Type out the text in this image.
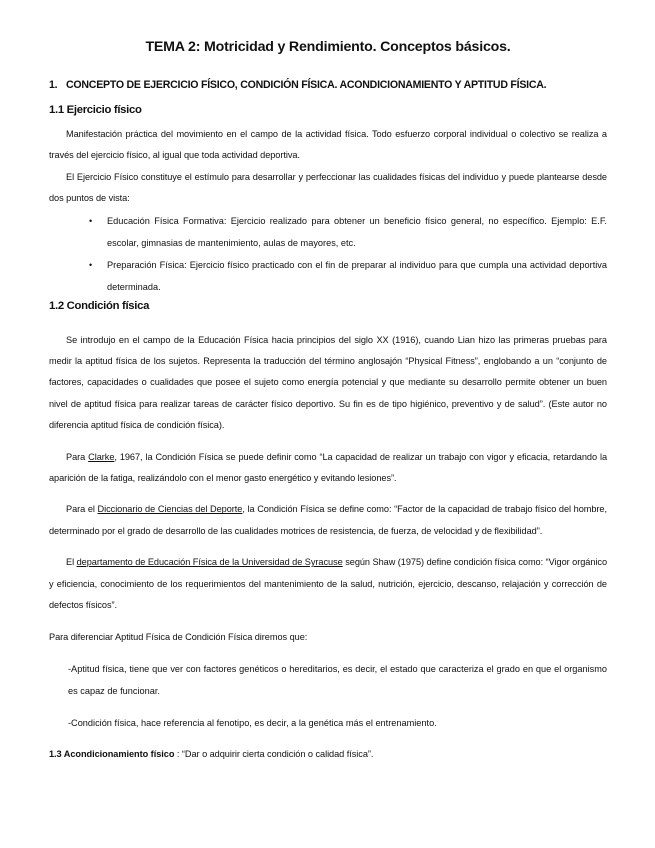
TEMA 2: Motricidad y Rendimiento. Conceptos básicos.
1. CONCEPTO DE EJERCICIO FÍSICO, CONDICIÓN FÍSICA. ACONDICIONAMIENTO Y APTITUD FÍSICA.
1.1 Ejercicio físico

Manifestación práctica del movimiento en el campo de la actividad física. Todo esfuerzo corporal individual o colectivo se realiza a través del ejercicio físico, al igual que toda actividad deportiva.

El Ejercicio Físico constituye el estímulo para desarrollar y perfeccionar las cualidades físicas del individuo y puede plantearse desde dos puntos de vista:

• Educación Física Formativa: Ejercicio realizado para obtener un beneficio físico general, no específico. Ejemplo: E.F. escolar, gimnasias de mantenimiento, aulas de mayores, etc.
• Preparación Física: Ejercicio físico practicado con el fin de preparar al individuo para que cumpla una actividad deportiva determinada.
1.2 Condición física

Se introdujo en el campo de la Educación Física hacia principios del siglo XX (1916), cuando Lian hizo las primeras pruebas para medir la aptitud física de los sujetos. Representa la traducción del término anglosajón “Physical Fitness”, englobando a un “conjunto de factores, capacidades o cualidades que posee el sujeto como energía potencial y que mediante su desarrollo permite obtener un buen nivel de aptitud física para realizar tareas de carácter físico deportivo. Su fin es de tipo higiénico, preventivo y de salud”. (Este autor no diferencia aptitud física de condición física).

Para Clarke, 1967, la Condición Física se puede definir como “La capacidad de realizar un trabajo con vigor y eficacia, retardando la aparición de la fatiga, realizándolo con el menor gasto energético y evitando lesiones”.

Para el Diccionario de Ciencias del Deporte, la Condición Física se define como: “Factor de la capacidad de trabajo físico del hombre, determinado por el grado de desarrollo de las cualidades motrices de resistencia, de fuerza, de velocidad y de flexibilidad”.

El departamento de Educación Física de la Universidad de Syracuse según Shaw (1975) define condición física como: “Vigor orgánico y eficiencia, conocimiento de los requerimientos del mantenimiento de la salud, nutrición, ejercicio, descanso, relajación y corrección de defectos físicos”.

Para diferenciar Aptitud Física de Condición Física diremos que:

-Aptitud física, tiene que ver con factores genéticos o hereditarios, es decir, el estado que caracteriza el grado en que el organismo es capaz de funcionar.

-Condición física, hace referencia al fenotipo, es decir, a la genética más el entrenamiento.

1.3 Acondicionamiento físico : “Dar o adquirir cierta condición o calidad física”.
